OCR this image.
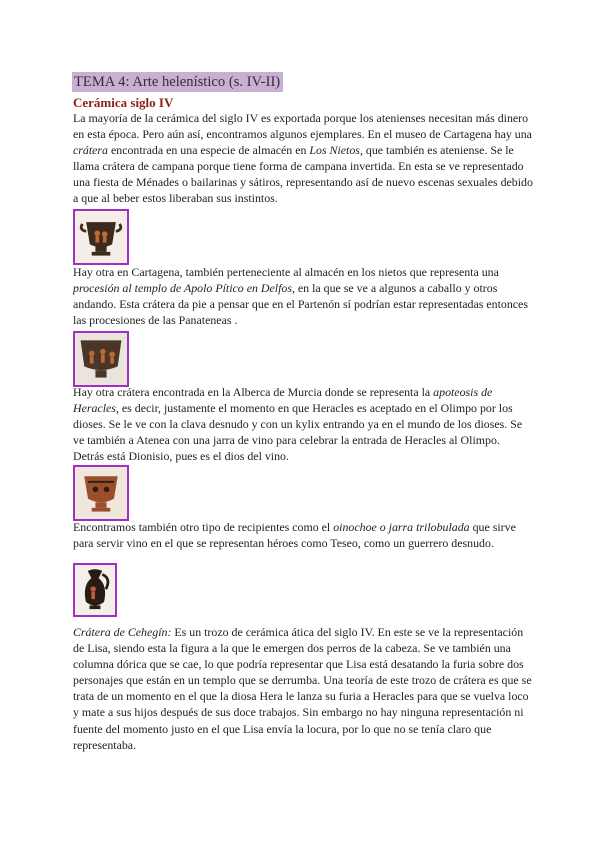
TEMA 4: Arte helenístico (s. IV-II)
Cerámica siglo IV

La mayoría de la cerámica del siglo IV es exportada porque los atenienses necesitan más dinero en esta época. Pero aún así, encontramos algunos ejemplares. En el museo de Cartagena hay una crátera encontrada en una especie de almacén en Los Nietos, que también es ateniense. Se le llama crátera de campana porque tiene forma de campana invertida. En esta se ve representado una fiesta de Ménades o bailarinas y sátiros, representando así de nuevo escenas sexuales debido a que al beber estos liberaban sus instintos.

Hay otra en Cartagena, también perteneciente al almacén en los nietos que representa una procesión al templo de Apolo Pítico en Delfos, en la que se ve a algunos a caballo y otros andando. Esta crátera da pie a pensar que en el Partenón sí podrían estar representadas entonces las procesiones de las Panateneas .

Hay otra crátera encontrada en la Alberca de Murcia donde se representa la apoteosis de Heracles, es decir, justamente el momento en que Heracles es aceptado en el Olimpo por los dioses. Se le ve con la clava desnudo y con un kylix entrando ya en el mundo de los dioses. Se ve también a Atenea con una jarra de vino para celebrar la entrada de Heracles al Olimpo. Detrás está Dionisio, pues es el dios del vino.

Encontramos también otro tipo de recipientes como el oinochoe o jarra trilobulada que sirve para servir vino en el que se representan héroes como Teseo, como un guerrero desnudo.

Crátera de Cehegín: Es un trozo de cerámica ática del siglo IV. En este se ve la representación de Lisa, siendo esta la figura a la que le emergen dos perros de la cabeza. Se ve también una columna dórica que se cae, lo que podría representar que Lisa está desatando la furia sobre dos personajes que están en un templo que se derrumba. Una teoría de este trozo de crátera es que se trata de un momento en el que la diosa Hera le lanza su furia a Heracles para que se vuelva loco y mate a sus hijos después de sus doce trabajos. Sin embargo no hay ninguna representación ni fuente del momento justo en el que Lisa envía la locura, por lo que no se tenía claro que representaba.
